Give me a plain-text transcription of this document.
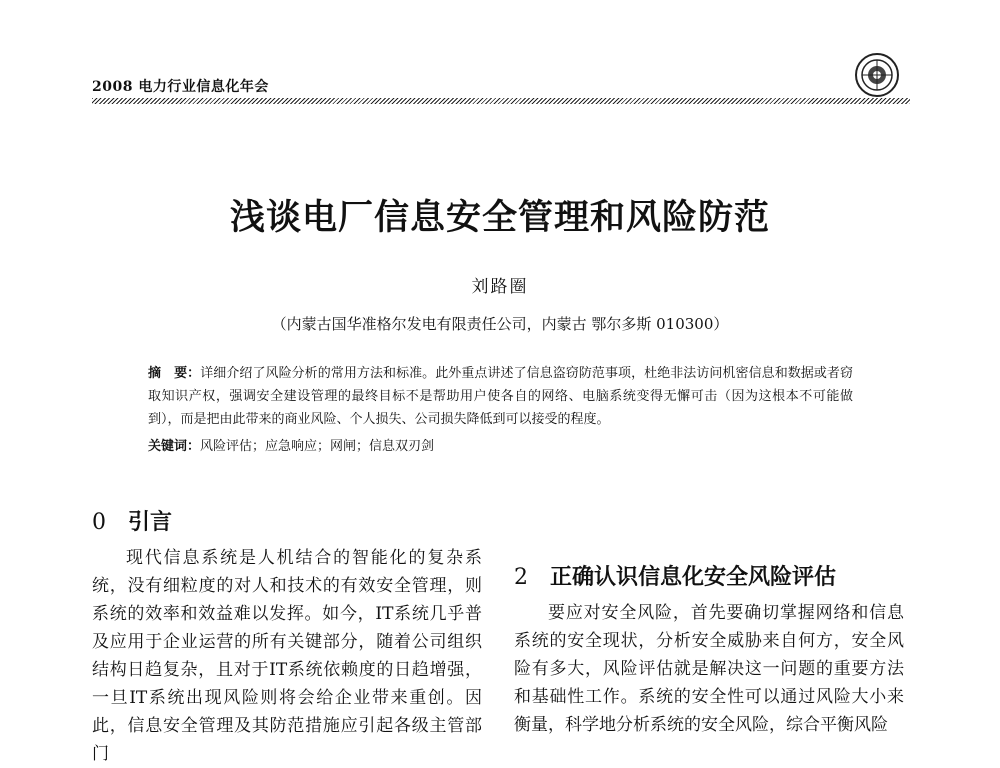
2008 电力行业信息化年会
浅谈电厂信息安全管理和风险防范
刘路圈
（内蒙古国华准格尔发电有限责任公司，内蒙古 鄂尔多斯 010300）
摘　要：详细介绍了风险分析的常用方法和标准。此外重点讲述了信息盗窃防范事项，杜绝非法访问机密信息和数据或者窃取知识产权，强调安全建设管理的最终目标不是帮助用户使各自的网络、电脑系统变得无懈可击（因为这根本不可能做到），而是把由此带来的商业风险、个人损失、公司损失降低到可以接受的程度。
关键词：风险评估；应急响应；网闸；信息双刃剑
0 引言
现代信息系统是人机结合的智能化的复杂系统，没有细粒度的对人和技术的有效安全管理，则系统的效率和效益难以发挥。如今，IT系统几乎普及应用于企业运营的所有关键部分，随着公司组织结构日趋复杂，且对于IT系统依赖度的日趋增强，一旦IT系统出现风险则将会给企业带来重创。因此，信息安全管理及其防范措施应引起各级主管部门
2 正确认识信息化安全风险评估
要应对安全风险，首先要确切掌握网络和信息系统的安全现状，分析安全威胁来自何方，安全风险有多大，风险评估就是解决这一问题的重要方法和基础性工作。系统的安全性可以通过风险大小来衡量，科学地分析系统的安全风险，综合平衡风险
